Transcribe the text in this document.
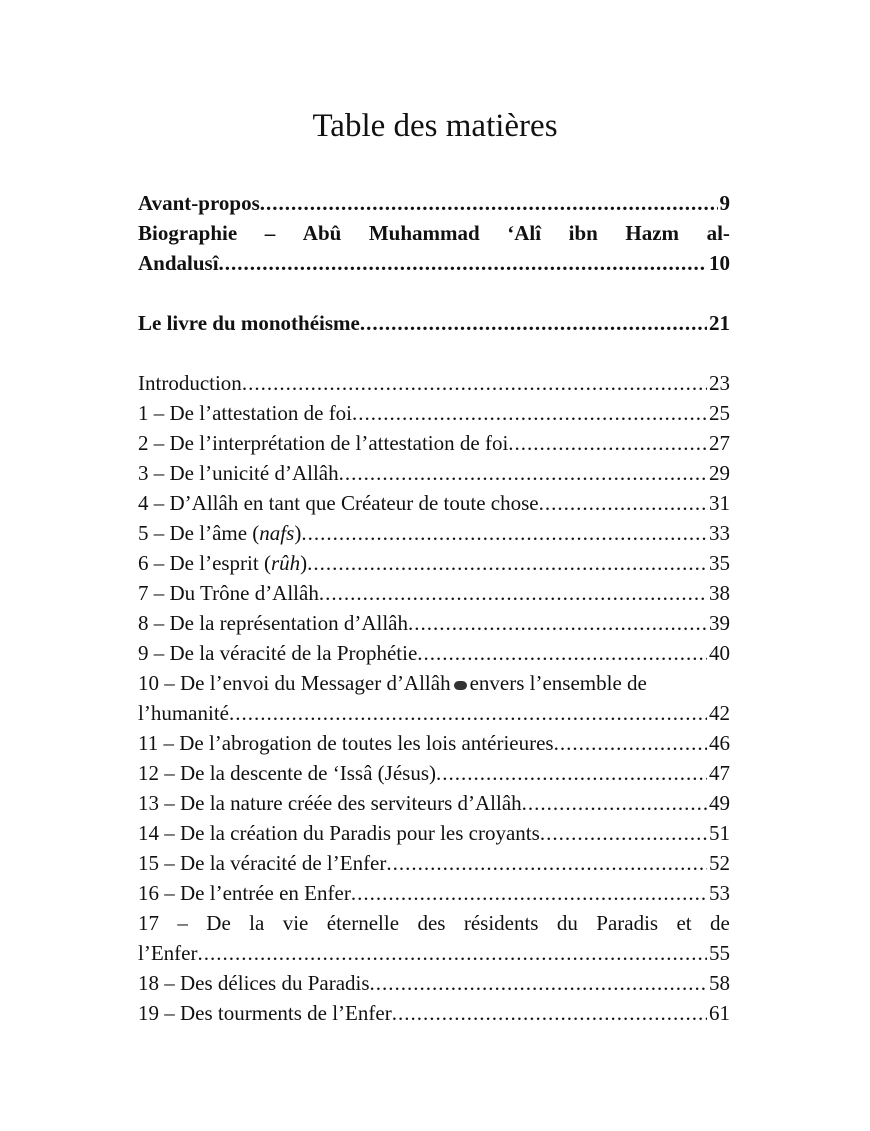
Table des matières
Avant-propos .....	9
Biographie – Abû Muhammad ‘Alî ibn Hazm al-
Andalusî .....	10
Le livre du monothéisme .....	21
Introduction .....	23
1 – De l’attestation de foi .....	25
2 – De l’interprétation de l’attestation de foi .....	27
3 – De l’unicité d’Allâh .....	29
4 – D’Allâh en tant que Créateur de toute chose .....	31
5 – De l’âme (nafs) .....	33
6 – De l’esprit (rûh) .....	35
7 – Du Trône d’Allâh .....	38
8 – De la représentation d’Allâh .....	39
9 – De la véracité de la Prophétie .....	40
10 – De l’envoi du Messager d’Allâh envers l’ensemble de
l’humanité .....	42
11 – De l’abrogation de toutes les lois antérieures .....	46
12 – De la descente de ‘Issâ (Jésus) .....	47
13 – De la nature créée des serviteurs d’Allâh .....	49
14 – De la création du Paradis pour les croyants .....	51
15 – De la véracité de l’Enfer .....	52
16 – De l’entrée en Enfer .....	53
17 – De la vie éternelle des résidents du Paradis et de
l’Enfer .....	55
18 – Des délices du Paradis .....	58
19 – Des tourments de l’Enfer .....	61
